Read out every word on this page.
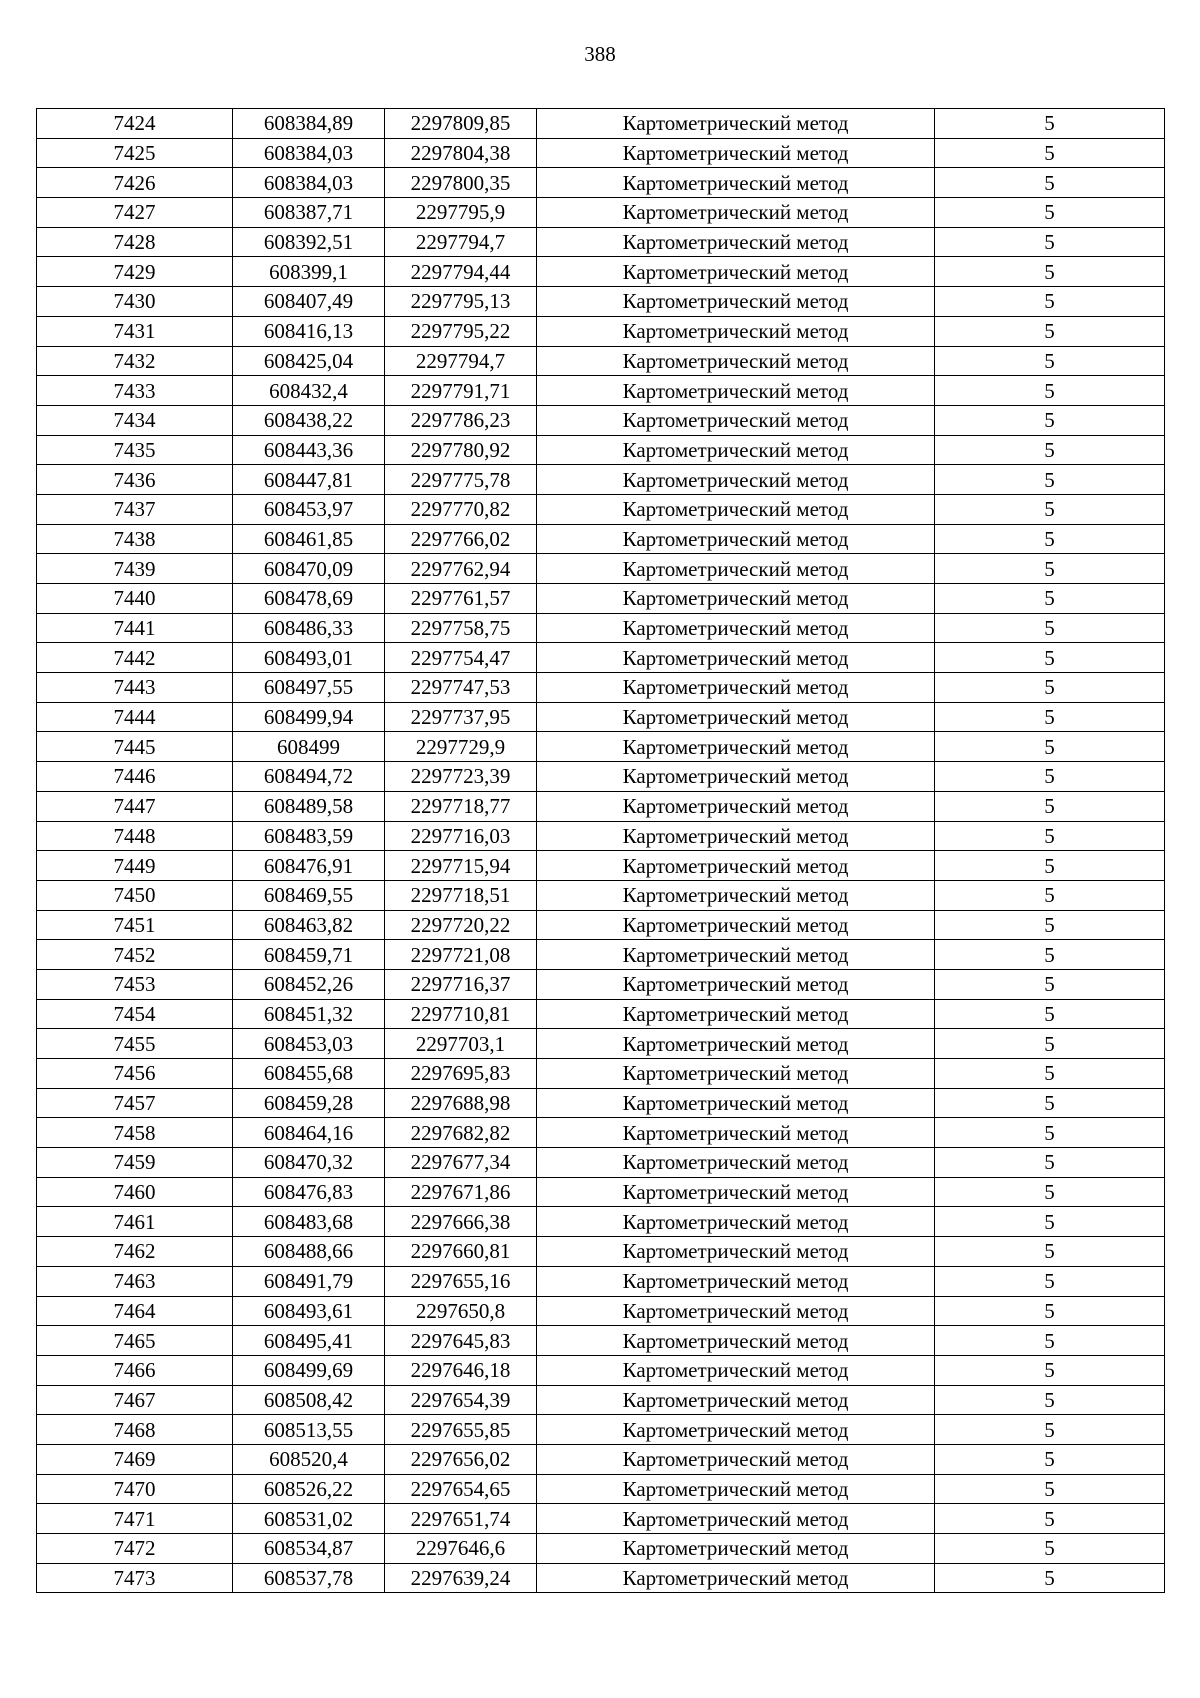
388
7424	608384,89	2297809,85	Картометрический метод	5
7425	608384,03	2297804,38	Картометрический метод	5
7426	608384,03	2297800,35	Картометрический метод	5
7427	608387,71	2297795,9	Картометрический метод	5
7428	608392,51	2297794,7	Картометрический метод	5
7429	608399,1	2297794,44	Картометрический метод	5
7430	608407,49	2297795,13	Картометрический метод	5
7431	608416,13	2297795,22	Картометрический метод	5
7432	608425,04	2297794,7	Картометрический метод	5
7433	608432,4	2297791,71	Картометрический метод	5
7434	608438,22	2297786,23	Картометрический метод	5
7435	608443,36	2297780,92	Картометрический метод	5
7436	608447,81	2297775,78	Картометрический метод	5
7437	608453,97	2297770,82	Картометрический метод	5
7438	608461,85	2297766,02	Картометрический метод	5
7439	608470,09	2297762,94	Картометрический метод	5
7440	608478,69	2297761,57	Картометрический метод	5
7441	608486,33	2297758,75	Картометрический метод	5
7442	608493,01	2297754,47	Картометрический метод	5
7443	608497,55	2297747,53	Картометрический метод	5
7444	608499,94	2297737,95	Картометрический метод	5
7445	608499	2297729,9	Картометрический метод	5
7446	608494,72	2297723,39	Картометрический метод	5
7447	608489,58	2297718,77	Картометрический метод	5
7448	608483,59	2297716,03	Картометрический метод	5
7449	608476,91	2297715,94	Картометрический метод	5
7450	608469,55	2297718,51	Картометрический метод	5
7451	608463,82	2297720,22	Картометрический метод	5
7452	608459,71	2297721,08	Картометрический метод	5
7453	608452,26	2297716,37	Картометрический метод	5
7454	608451,32	2297710,81	Картометрический метод	5
7455	608453,03	2297703,1	Картометрический метод	5
7456	608455,68	2297695,83	Картометрический метод	5
7457	608459,28	2297688,98	Картометрический метод	5
7458	608464,16	2297682,82	Картометрический метод	5
7459	608470,32	2297677,34	Картометрический метод	5
7460	608476,83	2297671,86	Картометрический метод	5
7461	608483,68	2297666,38	Картометрический метод	5
7462	608488,66	2297660,81	Картометрический метод	5
7463	608491,79	2297655,16	Картометрический метод	5
7464	608493,61	2297650,8	Картометрический метод	5
7465	608495,41	2297645,83	Картометрический метод	5
7466	608499,69	2297646,18	Картометрический метод	5
7467	608508,42	2297654,39	Картометрический метод	5
7468	608513,55	2297655,85	Картометрический метод	5
7469	608520,4	2297656,02	Картометрический метод	5
7470	608526,22	2297654,65	Картометрический метод	5
7471	608531,02	2297651,74	Картометрический метод	5
7472	608534,87	2297646,6	Картометрический метод	5
7473	608537,78	2297639,24	Картометрический метод	5
